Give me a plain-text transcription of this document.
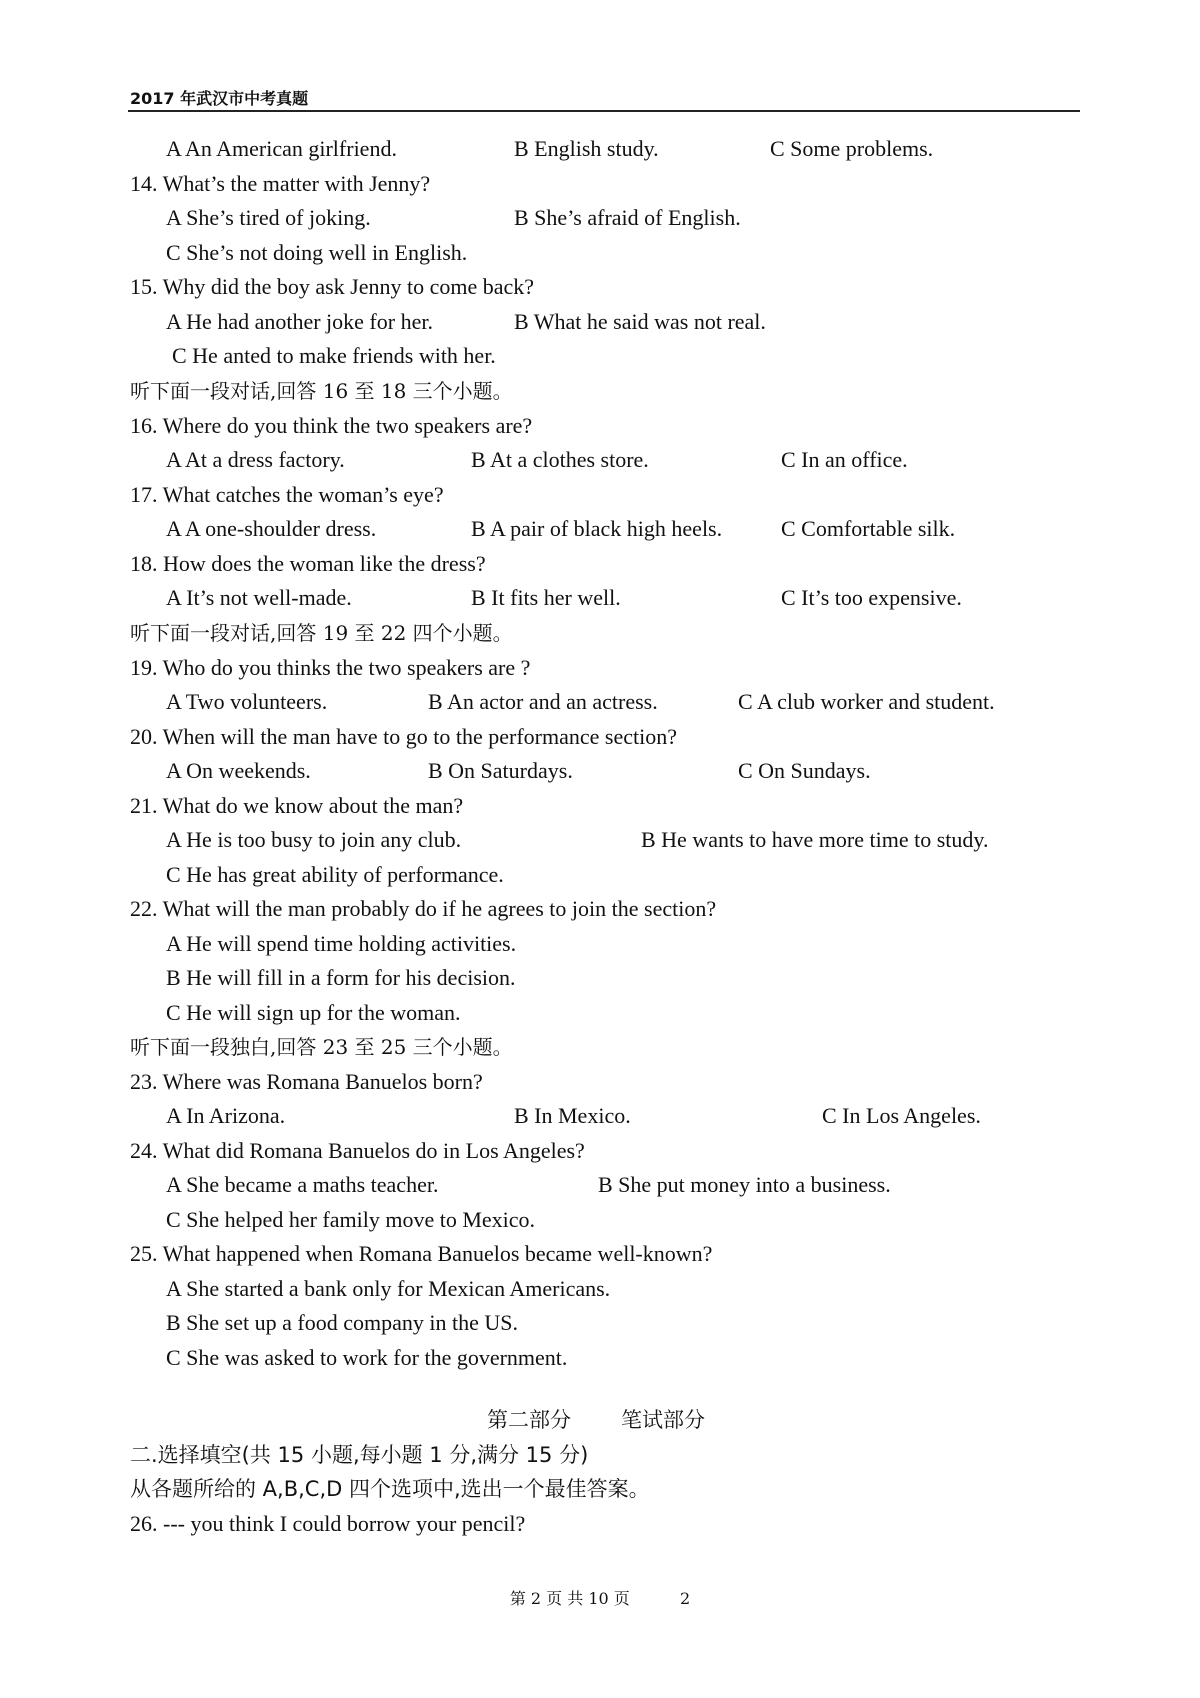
2017 年武汉市中考真题
A An American girlfriend.	B English study.	C Some problems.
14. What’s the matter with Jenny?
A She’s tired of joking.	B She’s afraid of English.
C She’s not doing well in English.
15. Why did the boy ask Jenny to come back?
A He had another joke for her.	B What he said was not real.
C He anted to make friends with her.
听下面一段对话,回答 16 至 18 三个小题。
16. Where do you think the two speakers are?
A At a dress factory.	B At a clothes store.	C In an office.
17. What catches the woman’s eye?
A A one-shoulder dress.	B A pair of black high heels.	C Comfortable silk.
18. How does the woman like the dress?
A It’s not well-made.	B It fits her well.	C It’s too expensive.
听下面一段对话,回答 19 至 22 四个小题。
19. Who do you thinks the two speakers are ?
A Two volunteers.	B An actor and an actress.	C A club worker and student.
20. When will the man have to go to the performance section?
A On weekends.	B On Saturdays.	C On Sundays.
21. What do we know about the man?
A He is too busy to join any club.	B He wants to have more time to study.
C He has great ability of performance.
22. What will the man probably do if he agrees to join the section?
A He will spend time holding activities.
B He will fill in a form for his decision.
C He will sign up for the woman.
听下面一段独白,回答 23 至 25 三个小题。
23. Where was Romana Banuelos born?
A In Arizona.	B In Mexico.	C In Los Angeles.
24. What did Romana Banuelos do in Los Angeles?
A She became a maths teacher.	B She put money into a business.
C She helped her family move to Mexico.
25. What happened when Romana Banuelos became well-known?
A She started a bank only for Mexican Americans.
B She set up a food company in the US.
C She was asked to work for the government.
第二部分 笔试部分
二.选择填空(共 15 小题,每小题 1 分,满分 15 分)
从各题所给的 A,B,C,D 四个选项中,选出一个最佳答案。
26. --- you think I could borrow your pencil?
第 2 页 共 10 页	2
